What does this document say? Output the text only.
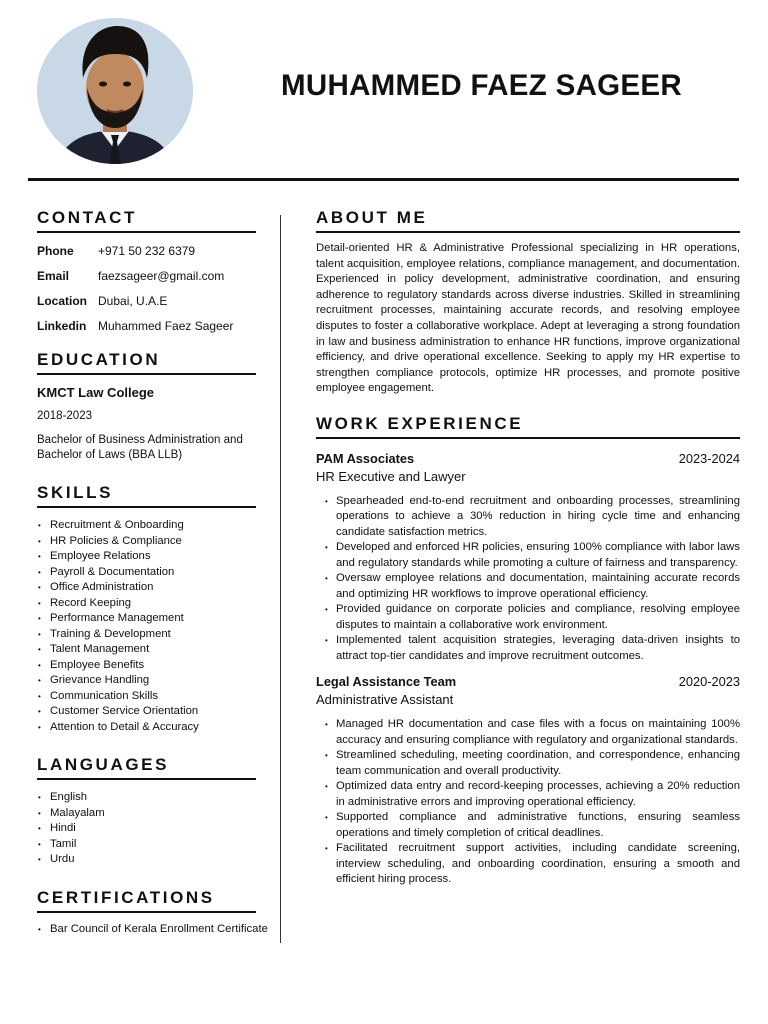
MUHAMMED FAEZ SAGEER
CONTACT
Phone	+971 50 232 6379
Email	faezsageer@gmail.com
Location Dubai, U.A.E
Linkedin Muhammed Faez Sageer
EDUCATION
KMCT Law College
2018-2023
Bachelor of Business Administration and
Bachelor of Laws (BBA LLB)
SKILLS
• Recruitment & Onboarding
• HR Policies & Compliance
• Employee Relations
• Payroll & Documentation
• Office Administration
• Record Keeping
• Performance Management
• Training & Development
• Talent Management
• Employee Benefits
• Grievance Handling
• Communication Skills
• Customer Service Orientation
• Attention to Detail & Accuracy
LANGUAGES
• English
• Malayalam
• Hindi
• Tamil
• Urdu
CERTIFICATIONS
• Bar Council of Kerala Enrollment Certificate
ABOUT ME

Detail-oriented HR & Administrative Professional specializing in HR operations, talent acquisition, employee relations, compliance management, and documentation. Experienced in policy development, administrative coordination, and ensuring adherence to regulatory standards across diverse industries. Skilled in streamlining recruitment processes, maintaining accurate records, and resolving employee disputes to foster a collaborative workplace. Adept at leveraging a strong foundation in law and business administration to enhance HR functions, improve organizational efficiency, and drive operational excellence. Seeking to apply my HR expertise to strengthen compliance protocols, optimize HR processes, and promote positive employee engagement.

WORK EXPERIENCE
PAM Associates	2023-2024
HR Executive and Lawyer
• Spearheaded end-to-end recruitment and onboarding processes, streamlining operations to achieve a 30% reduction in hiring cycle time and enhancing candidate satisfaction metrics.
• Developed and enforced HR policies, ensuring 100% compliance with labor laws and regulatory standards while promoting a culture of fairness and transparency.
• Oversaw employee relations and documentation, maintaining accurate records and optimizing HR workflows to improve operational efficiency.
• Provided guidance on corporate policies and compliance, resolving employee disputes to maintain a collaborative work environment.
• Implemented talent acquisition strategies, leveraging data-driven insights to attract top-tier candidates and improve recruitment outcomes.
Legal Assistance Team	2020-2023
Administrative Assistant
• Managed HR documentation and case files with a focus on maintaining 100% accuracy and ensuring compliance with regulatory and organizational standards.
• Streamlined scheduling, meeting coordination, and correspondence, enhancing team communication and overall productivity.
• Optimized data entry and record-keeping processes, achieving a 20% reduction in administrative errors and improving operational efficiency.
• Supported compliance and administrative functions, ensuring seamless operations and timely completion of critical deadlines.
• Facilitated recruitment support activities, including candidate screening, interview scheduling, and onboarding coordination, ensuring a smooth and efficient hiring process.
